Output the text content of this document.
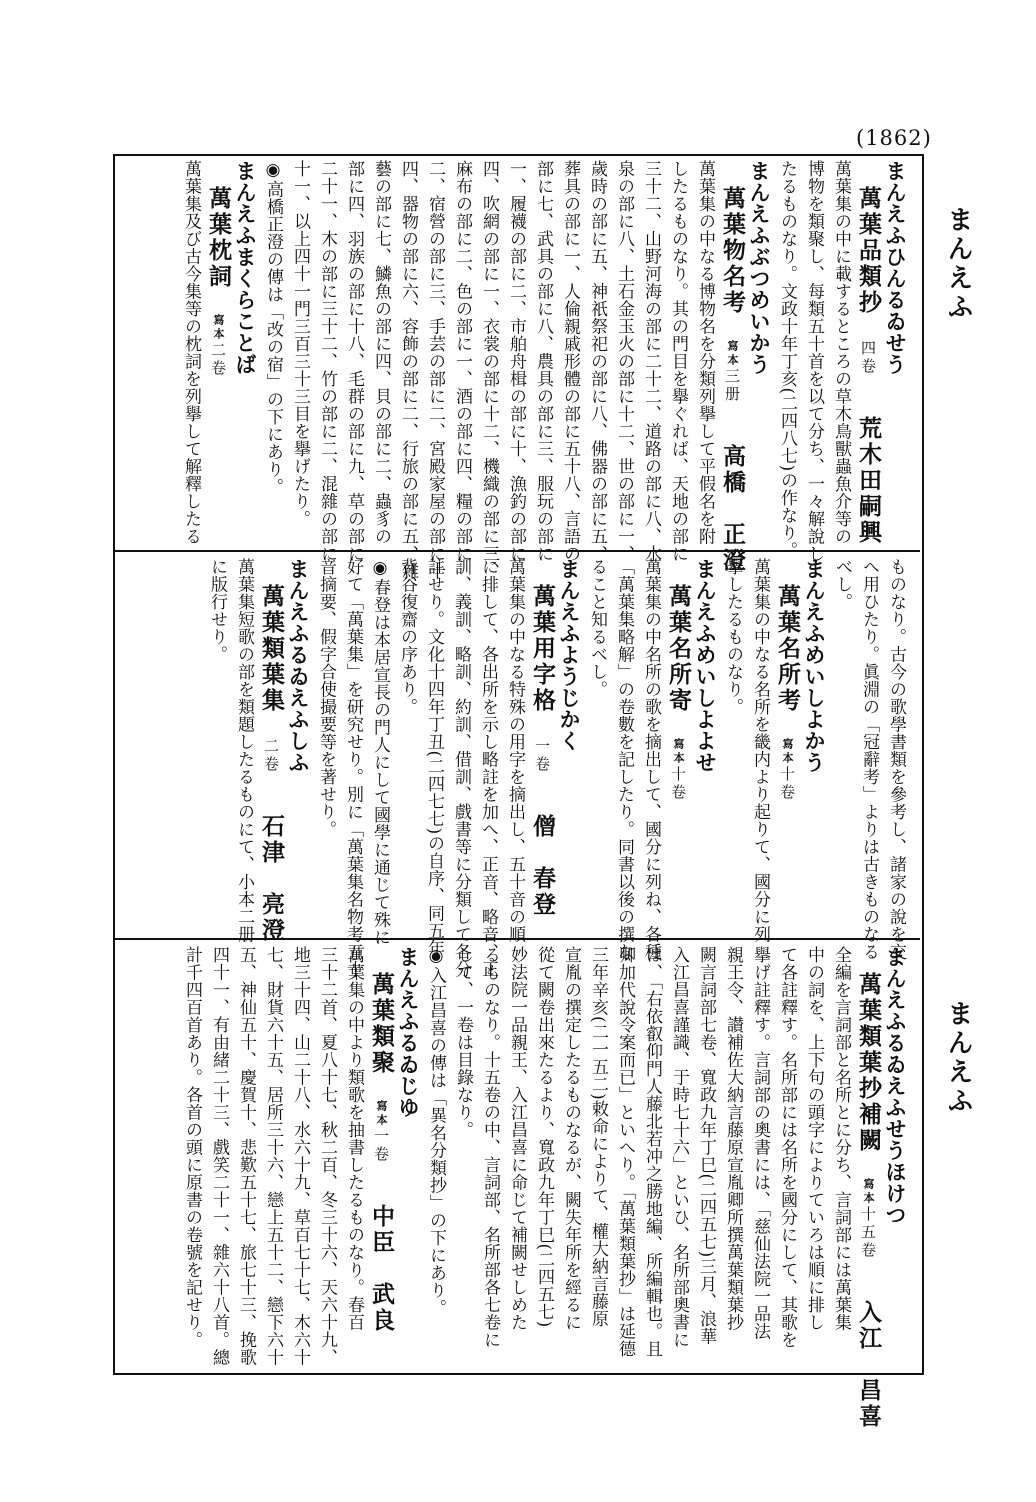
(1862)
まんえふ
まんえふ
まんえふひんるゐせう
萬葉品類抄四卷荒木田嗣興
萬葉集の中に載するところの草木鳥獸蟲魚介等の
博物を類聚し、每類五十首を以て分ち、一々解說し
たるものなり。文政十年丁亥(二四八七)の作なり。
まんえふぶつめいかう
萬葉物名考寫本三册高橋　正澄
萬葉集の中なる博物名を分類列擧して平假名を附
したるものなり。其の門目を擧ぐれば、天地の部に
三十二、山野河海の部に二十二、道路の部に八、水
泉の部に八、土石金玉火の部に十二、世の部に一、
歲時の部に五、神祇祭祀の部に八、佛器の部に五、
葬具の部に一、人倫親戚形體の部に五十八、言語の
部に七、武具の部に八、農具の部に三、服玩の部に
一、履襪の部に二、市舶舟楫の部に十、漁釣の部に
四、吹網の部に一、衣裳の部に十二、機織の部に三、
麻布の部に二、色の部に一、酒の部に四、糧の部に
二、宿營の部に三、手芸の部に二、宮殿家屋の部に十
四、器物の部に六、容飾の部に二、行旅の部に五、雜
藝の部に七、鱗魚の部に四、貝の部に二、蟲豸の
部に四、羽族の部に十八、毛群の部に九、草の部に
二十一、木の部に三十二、竹の部に二、混雜の部に
十一、以上四十一門三百三十三目を擧げたり。
◉高橋正澄の傳は「改の宿」の下にあり。
まんえふまくらことば
萬葉枕詞寫本二卷
萬葉集及び古今集等の枕詞を列擧して解釋したる
ものなり。古今の歌學書類を參考し、諸家の說を交
へ用ひたり。眞淵の「冠辭考」よりは古きものなる
べし。
まんえふめいしよかう
萬葉名所考寫本十卷
萬葉集の中なる名所を畿内より起りて、國分に列
擧したるものなり。
まんえふめいしよよせ
萬葉名所寄寫本十卷
萬葉集の中名所の歌を摘出して、國分に列ね、各種
「萬葉集略解」の卷數を記したり。同書以後の撰な
ること知るべし。
まんえふようじかく
萬葉用字格一卷僧　春登
萬葉集の中なる特殊の用字を摘出し、五十音の順
に排して、各出所を示し略註を加へ、正音、略音、正
訓、義訓、略訓、約訓、借訓、戲書等に分類して各分
註せり。文化十四年丁丑(二四七七)の自序、同五年
背谷復齋の序あり。
◉春登は本居宣長の門人にして國學に通じて殊に
好て「萬葉集」を研究せり。別に「萬葉集名物考五十
音摘要、假字合使撮要等を著せり。
まんえふるゐえふしふ
萬葉類葉集二卷石津　亮澄
萬葉集短歌の部を類題したるものにて、小本二册
に版行せり。
まんえふるゐえふせうほけつ
萬葉類葉抄補闕寫本十五卷入江　昌喜
全編を言詞部と名所とに分ち、言詞部には萬葉集
中の詞を、上下句の頭字によりていろは順に排し
て各註釋す。名所部には名所を國分にして、其歌を
擧げ註釋す。言詞部の奧書には、「慈仙法院一品法
親王令、讃補佐大納言藤原宣胤卿所撰萬葉類葉抄
闕言詞部七卷、寬政九年丁巳(二四五七)三月、浪華
入江昌喜謹識、于時七十六」といひ、名所部奧書に
は、「右依叡仰門人藤北若冲之勝地編、所編輯也。且
卿加代說令案而已」といへり。「萬葉類葉抄」は延德
三年辛亥(二一五二)敕命によりて、權大納言藤原
宣胤の撰定したるものなるが、闕失年所を經るに
從て闕卷出來たるより、寬政九年丁巳(二四五七)
妙法院一品親王、入江昌喜に命じて補闕せしめた
るものなり。十五卷の中、言詞部、名所部各七卷に
して、一卷は目錄なり。
◉入江昌喜の傳は「異名分類抄」の下にあり。
まんえふるゐじゆ
萬葉類聚寫本一卷中臣　武良
萬葉集の中より類歌を抽書したるものなり。春百
三十二首、夏八十七、秋二百、冬三十六、天六十九、
地三十四、山二十八、水六十九、草百七十七、木六十
七、財貨六十五、居所三十六、戀上五十二、戀下六十
五、神仙五十、慶賀十、悲歎五十七、旅七十三、挽歌
四十一、有由緒二十三、戲笑二十一、雜六十八首。總
計千四百首あり。各首の頭に原書の卷號を記せり。
